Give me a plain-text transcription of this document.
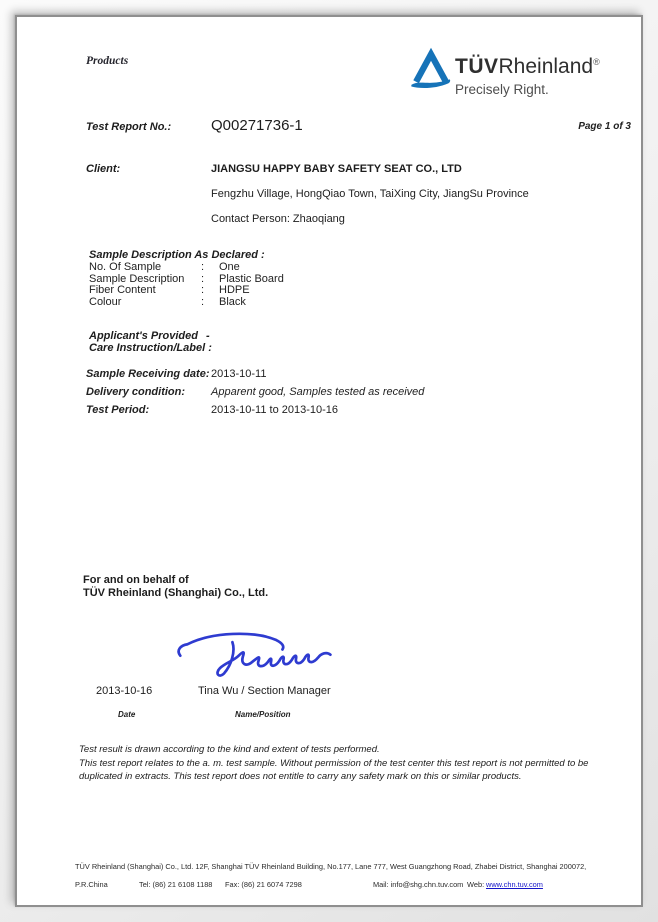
Products	TÜVRheinland®
Precisely Right.
Test Report No.:	Q00271736-1	Page 1 of 3
Client:	JIANGSU HAPPY BABY SAFETY SEAT CO., LTD
Fengzhu Village, HongQiao Town, TaiXing City, JiangSu Province
Contact Person: Zhaoqiang
Sample Description As Declared :
No. Of Sample	:	One
Sample Description	:	Plastic Board
Fiber Content	:	HDPE
Colour	:	Black
Applicant's Provided
Care Instruction/Label :
-
Sample Receiving date: 2013-10-11
Delivery condition:	Apparent good, Samples tested as received
Test Period:	2013-10-11 to 2013-10-16
For and on behalf of
TÜV Rheinland (Shanghai) Co., Ltd.
2013-10-16	Tina Wu / Section Manager
Date	Name/Position
Test result is drawn according to the kind and extent of tests performed.
This test report relates to the a. m. test sample. Without permission of the test center this test report is not permitted to be
duplicated in extracts. This test report does not entitle to carry any safety mark on this or similar products.
TÜV Rheinland (Shanghai) Co., Ltd. 12F, Shanghai TÜV Rheinland Building, No.177, Lane 777, West Guangzhong Road, Zhabei District, Shanghai 200072,
P.R.China	Tel: (86) 21 6108 1188 Fax: (86) 21 6074 7298	Mail: info@shg.chn.tuv.com Web: www.chn.tuv.com
